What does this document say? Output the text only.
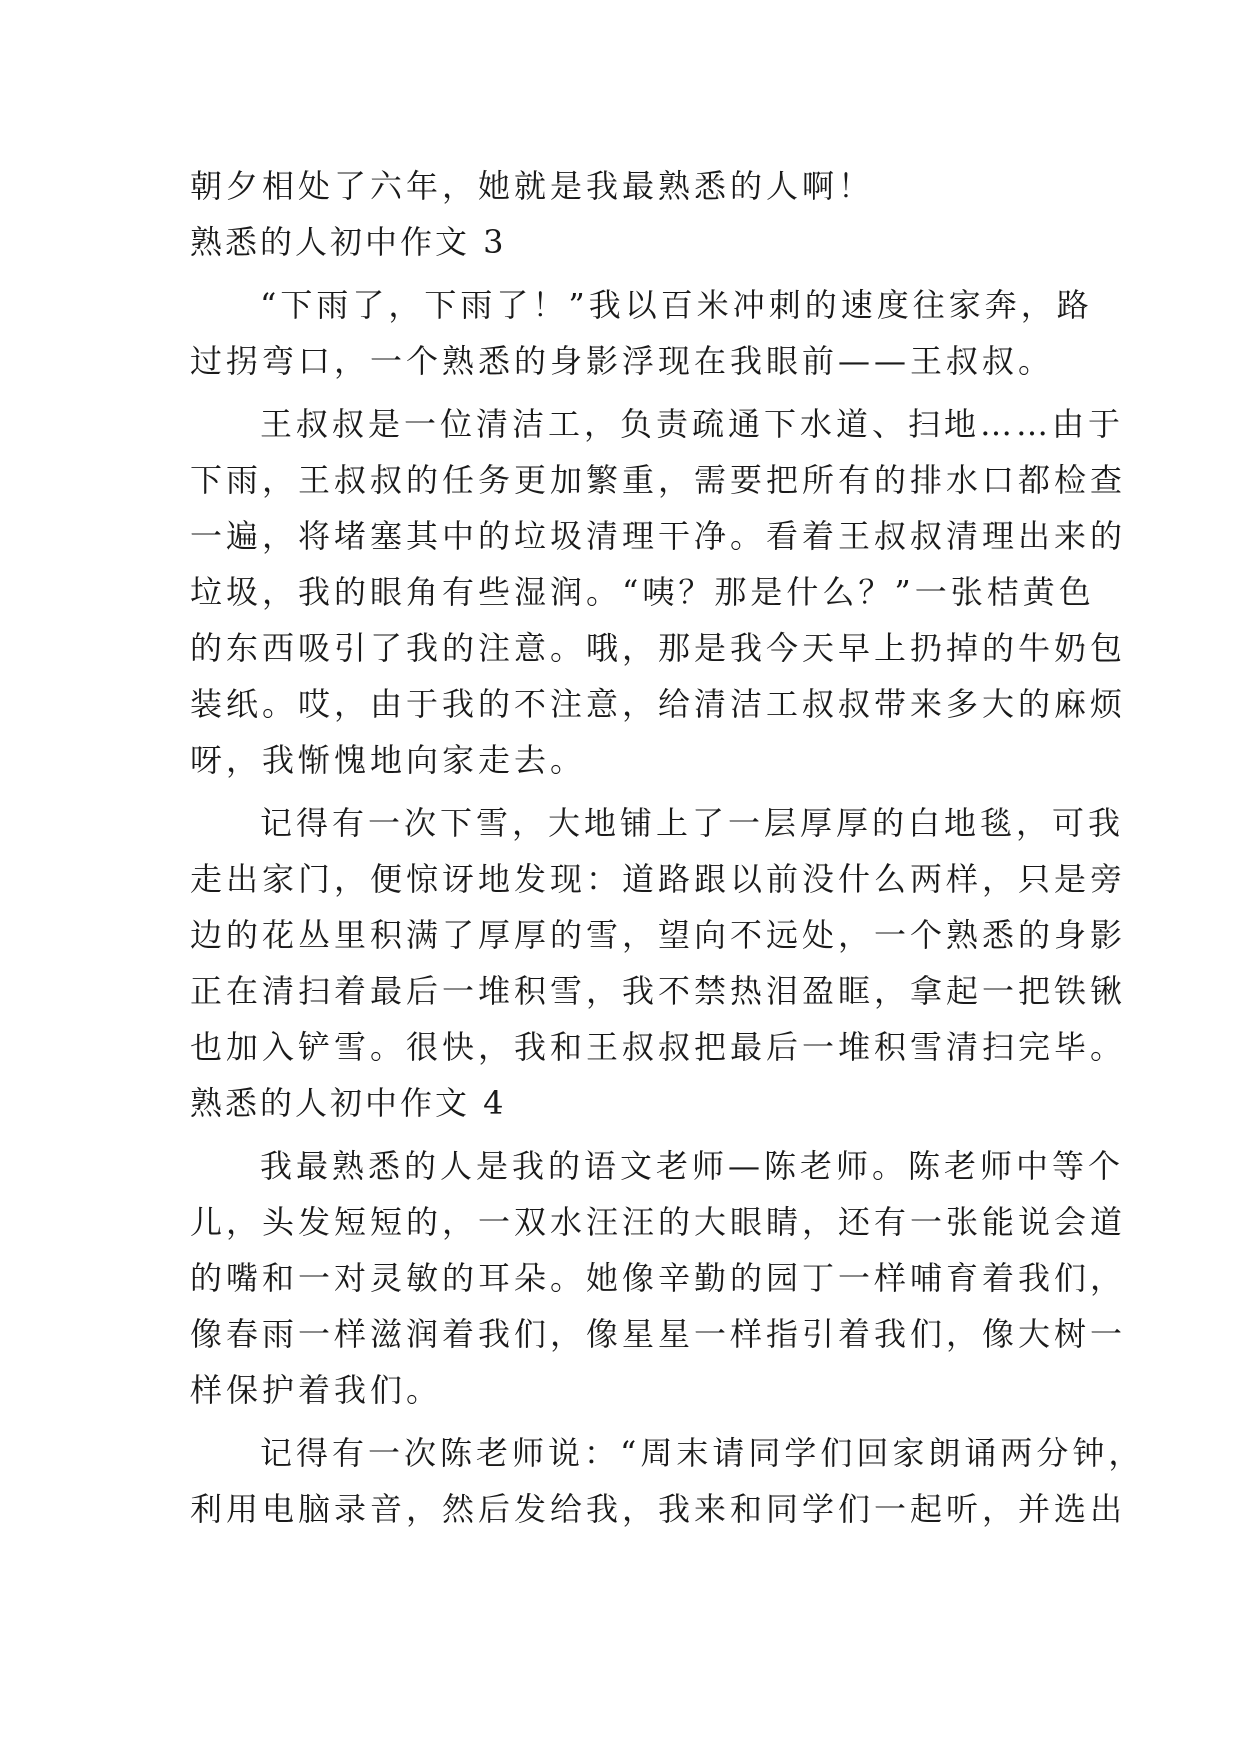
朝夕相处了六年，她就是我最熟悉的人啊！
熟悉的人初中作文 3
“下雨了，下雨了！”我以百米冲刺的速度往家奔，路
过拐弯口，一个熟悉的身影浮现在我眼前——王叔叔。
王叔叔是一位清洁工，负责疏通下水道、扫地……由于
下雨，王叔叔的任务更加繁重，需要把所有的排水口都检查
一遍，将堵塞其中的垃圾清理干净。看着王叔叔清理出来的
垃圾，我的眼角有些湿润。“咦？那是什么？”一张桔黄色
的东西吸引了我的注意。哦，那是我今天早上扔掉的牛奶包
装纸。哎，由于我的不注意，给清洁工叔叔带来多大的麻烦
呀，我惭愧地向家走去。
记得有一次下雪，大地铺上了一层厚厚的白地毯，可我
走出家门，便惊讶地发现：道路跟以前没什么两样，只是旁
边的花丛里积满了厚厚的雪，望向不远处，一个熟悉的身影
正在清扫着最后一堆积雪，我不禁热泪盈眶，拿起一把铁锹
也加入铲雪。很快，我和王叔叔把最后一堆积雪清扫完毕。
熟悉的人初中作文 4
我最熟悉的人是我的语文老师—陈老师。陈老师中等个
儿，头发短短的，一双水汪汪的大眼睛，还有一张能说会道
的嘴和一对灵敏的耳朵。她像辛勤的园丁一样哺育着我们，
像春雨一样滋润着我们，像星星一样指引着我们，像大树一
样保护着我们。
记得有一次陈老师说：“周末请同学们回家朗诵两分钟，
利用电脑录音，然后发给我，我来和同学们一起听，并选出
